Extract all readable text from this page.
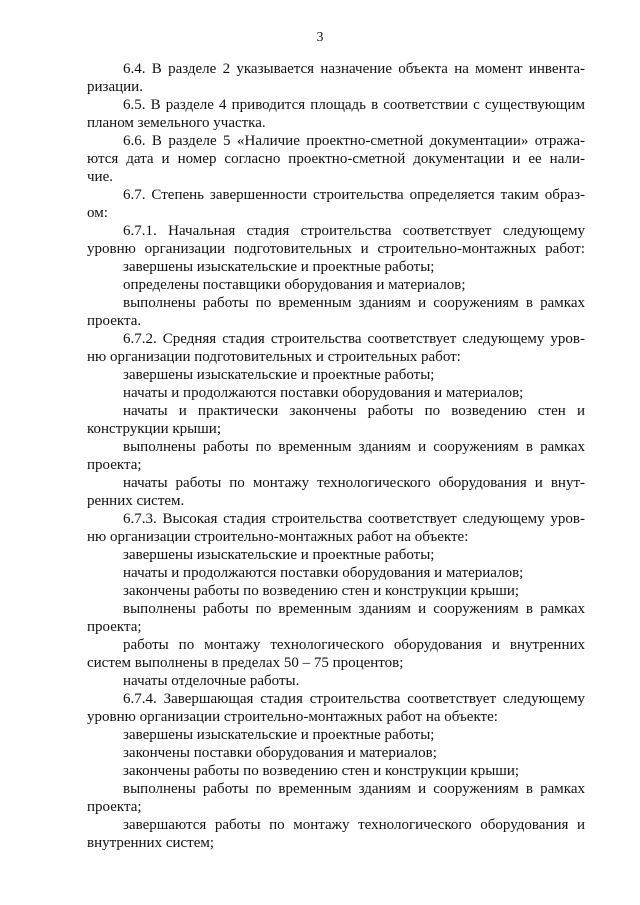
3
6.4. В разделе 2 указывается назначение объекта на момент инвента-
ризации.
6.5. В разделе 4 приводится площадь в соответствии с существующим
планом земельного участка.
6.6. В разделе 5 «Наличие проектно-сметной документации» отража-
ются дата и номер согласно проектно-сметной документации и ее нали-
чие.
6.7. Степень завершенности строительства определяется таким образ-
ом:
6.7.1. Начальная стадия строительства соответствует следующему
уровню организации подготовительных и строительно-монтажных работ:
завершены изыскательские и проектные работы;
определены поставщики оборудования и материалов;
выполнены работы по временным зданиям и сооружениям в рамках
проекта.
6.7.2. Средняя стадия строительства соответствует следующему уров-
ню организации подготовительных и строительных работ:
завершены изыскательские и проектные работы;
начаты и продолжаются поставки оборудования и материалов;
начаты и практически закончены работы по возведению стен и
конструкции крыши;
выполнены работы по временным зданиям и сооружениям в рамках
проекта;
начаты работы по монтажу технологического оборудования и внут-
ренних систем.
6.7.3. Высокая стадия строительства соответствует следующему уров-
ню организации строительно-монтажных работ на объекте:
завершены изыскательские и проектные работы;
начаты и продолжаются поставки оборудования и материалов;
закончены работы по возведению стен и конструкции крыши;
выполнены работы по временным зданиям и сооружениям в рамках
проекта;
работы по монтажу технологического оборудования и внутренних
систем выполнены в пределах 50 – 75 процентов;
начаты отделочные работы.
6.7.4. Завершающая стадия строительства соответствует следующему
уровню организации строительно-монтажных работ на объекте:
завершены изыскательские и проектные работы;
закончены поставки оборудования и материалов;
закончены работы по возведению стен и конструкции крыши;
выполнены работы по временным зданиям и сооружениям в рамках
проекта;
завершаются работы по монтажу технологического оборудования и
внутренних систем;
